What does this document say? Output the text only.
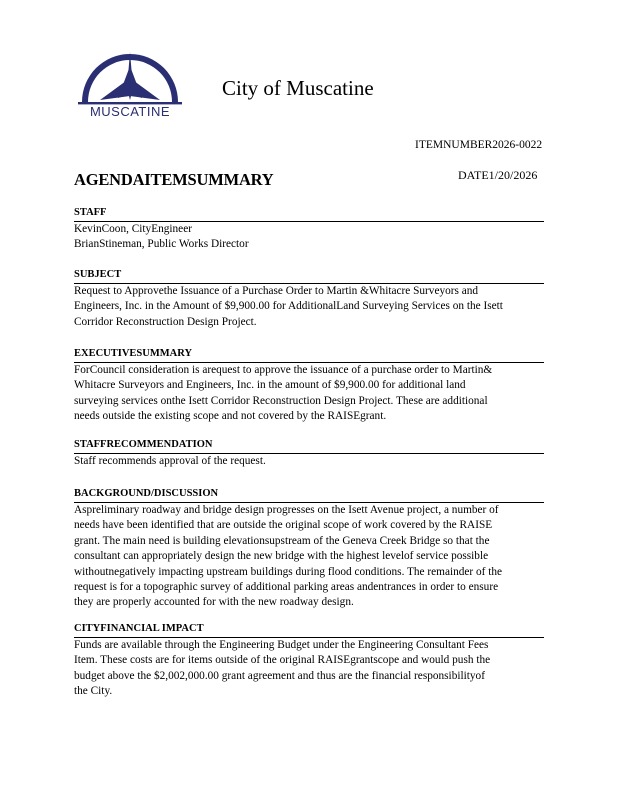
MUSCATINE
City of Muscatine
ITEMNUMBER2026-0022
AGENDAITEMSUMMARY	DATE1/20/2026
STAFF

KevinCoon, CityEngineer

BrianStineman, Public Works Director

SUBJECT

Request to Approvethe Issuance of a Purchase Order to Martin &Whitacre Surveyors and

Engineers, Inc. in the Amount of $9,900.00 for AdditionalLand Surveying Services on the Isett

Corridor Reconstruction Design Project.

EXECUTIVESUMMARY

ForCouncil consideration is arequest to approve the issuance of a purchase order to Martin&

Whitacre Surveyors and Engineers, Inc. in the amount of $9,900.00 for additional land

surveying services onthe Isett Corridor Reconstruction Design Project. These are additional

needs outside the existing scope and not covered by the RAISEgrant.

STAFFRECOMMENDATION

Staff recommends approval of the request.

BACKGROUND/DISCUSSION

Aspreliminary roadway and bridge design progresses on the Isett Avenue project, a number of

needs have been identified that are outside the original scope of work covered by the RAISE

grant. The main need is building elevationsupstream of the Geneva Creek Bridge so that the

consultant can appropriately design the new bridge with the highest levelof service possible

withoutnegatively impacting upstream buildings during flood conditions. The remainder of the

request is for a topographic survey of additional parking areas andentrances in order to ensure

they are properly accounted for with the new roadway design.

CITYFINANCIAL IMPACT

Funds are available through the Engineering Budget under the Engineering Consultant Fees

Item. These costs are for items outside of the original RAISEgrantscope and would push the

budget above the $2,002,000.00 grant agreement and thus are the financial responsibilityof

the City.
